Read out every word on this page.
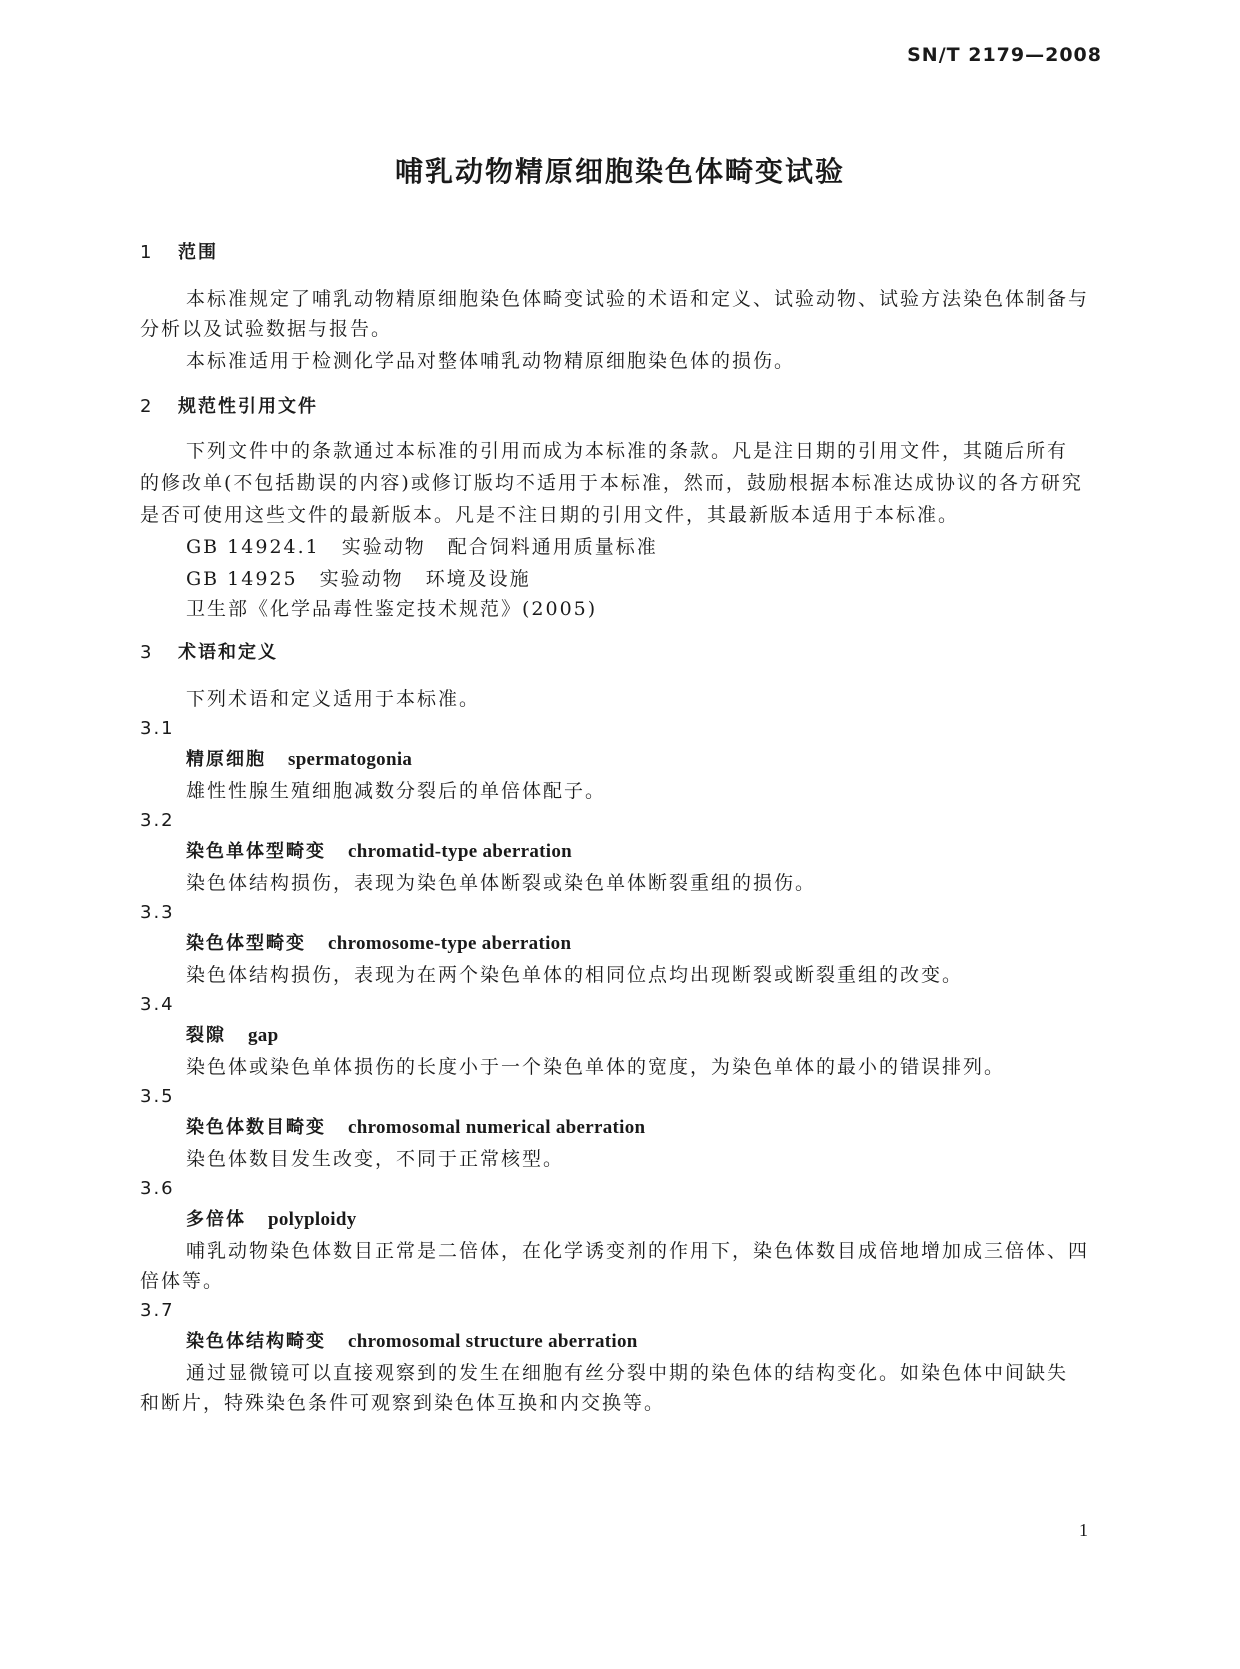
SN/T 2179—2008
哺乳动物精原细胞染色体畸变试验
1 范围
本标准规定了哺乳动物精原细胞染色体畸变试验的术语和定义、试验动物、试验方法染色体制备与
分析以及试验数据与报告。
本标准适用于检测化学品对整体哺乳动物精原细胞染色体的损伤。
2 规范性引用文件
下列文件中的条款通过本标准的引用而成为本标准的条款。凡是注日期的引用文件，其随后所有
的修改单(不包括勘误的内容)或修订版均不适用于本标准，然而，鼓励根据本标准达成协议的各方研究
是否可使用这些文件的最新版本。凡是不注日期的引用文件，其最新版本适用于本标准。
GB 14924.1 实验动物 配合饲料通用质量标准
GB 14925 实验动物 环境及设施
卫生部《化学品毒性鉴定技术规范》(2005)
3 术语和定义
下列术语和定义适用于本标准。
3.1
精原细胞 spermatogonia
雄性性腺生殖细胞减数分裂后的单倍体配子。
3.2
染色单体型畸变 chromatid-type aberration
染色体结构损伤，表现为染色单体断裂或染色单体断裂重组的损伤。
3.3
染色体型畸变 chromosome-type aberration
染色体结构损伤，表现为在两个染色单体的相同位点均出现断裂或断裂重组的改变。
3.4
裂隙 gap
染色体或染色单体损伤的长度小于一个染色单体的宽度，为染色单体的最小的错误排列。
3.5
染色体数目畸变 chromosomal numerical aberration
染色体数目发生改变，不同于正常核型。
3.6
多倍体 polyploidy
哺乳动物染色体数目正常是二倍体，在化学诱变剂的作用下，染色体数目成倍地增加成三倍体、四
倍体等。
3.7
染色体结构畸变 chromosomal structure aberration
通过显微镜可以直接观察到的发生在细胞有丝分裂中期的染色体的结构变化。如染色体中间缺失
和断片，特殊染色条件可观察到染色体互换和内交换等。
1
